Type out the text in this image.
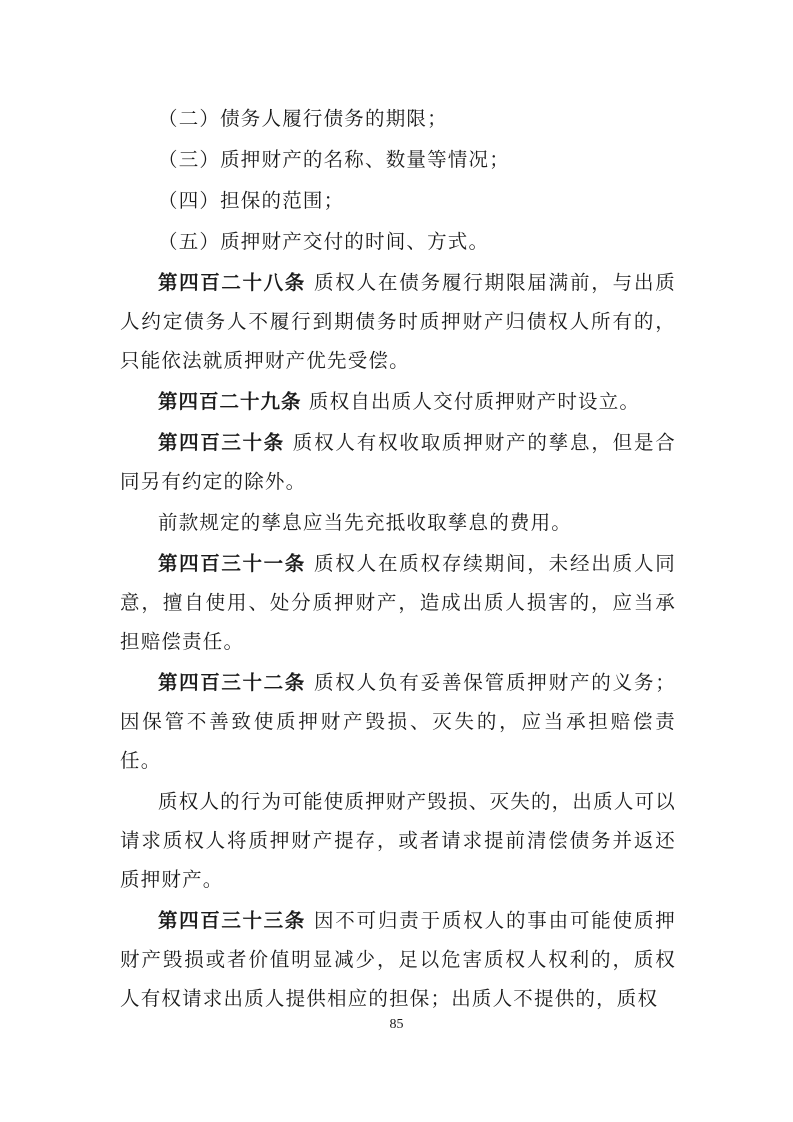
（二）债务人履行债务的期限；

（三）质押财产的名称、数量等情况；

（四）担保的范围；

（五）质押财产交付的时间、方式。

第四百二十八条 质权人在债务履行期限届满前，与出质人约定债务人不履行到期债务时质押财产归债权人所有的，只能依法就质押财产优先受偿。

第四百二十九条 质权自出质人交付质押财产时设立。

第四百三十条 质权人有权收取质押财产的孳息，但是合同另有约定的除外。

前款规定的孳息应当先充抵收取孳息的费用。

第四百三十一条 质权人在质权存续期间，未经出质人同意，擅自使用、处分质押财产，造成出质人损害的，应当承担赔偿责任。

第四百三十二条 质权人负有妥善保管质押财产的义务；因保管不善致使质押财产毁损、灭失的，应当承担赔偿责任。

质权人的行为可能使质押财产毁损、灭失的，出质人可以请求质权人将质押财产提存，或者请求提前清偿债务并返还质押财产。

第四百三十三条 因不可归责于质权人的事由可能使质押财产毁损或者价值明显减少，足以危害质权人权利的，质权人有权请求出质人提供相应的担保；出质人不提供的，质权

85
